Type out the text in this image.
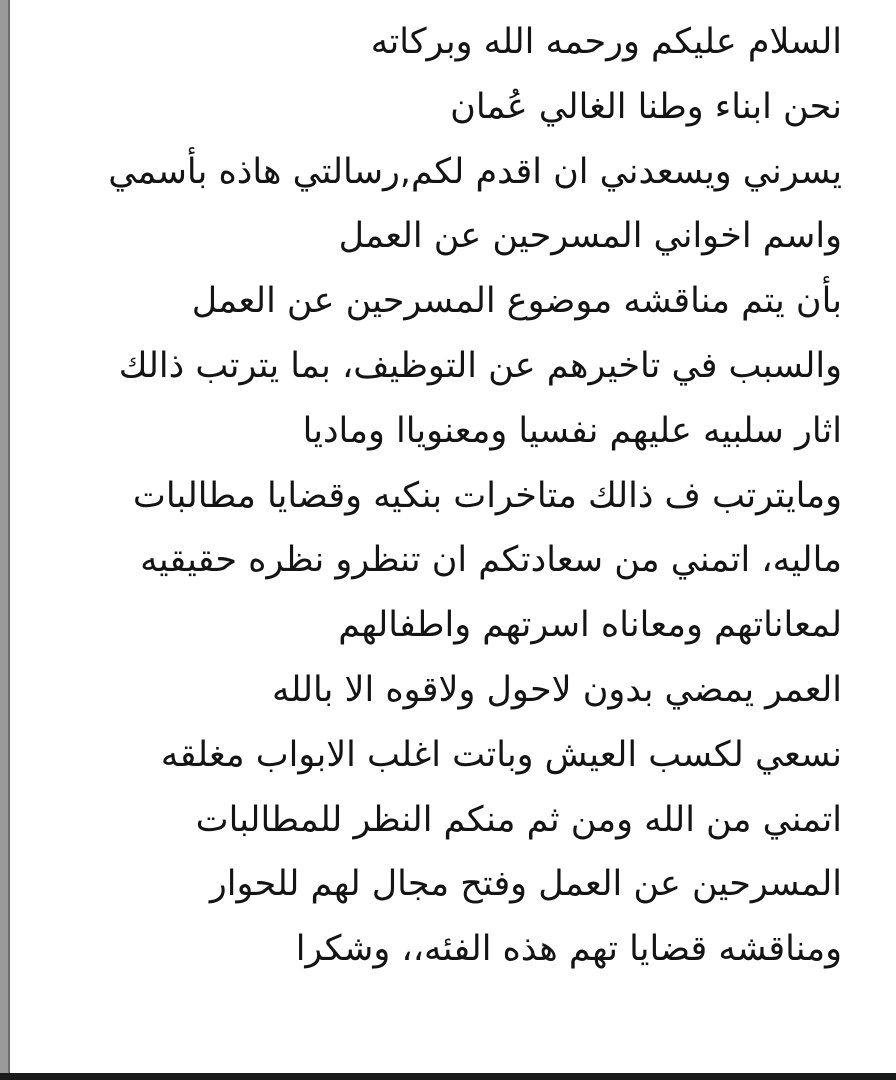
السلام عليكم ورحمه الله وبركاته
نحن ابناء وطنا الغالي عُمان
يسرني ويسعدني ان اقدم لكم,رسالتي هاذه بأسمي
واسم اخواني المسرحين عن العمل
بأن يتم مناقشه موضوع المسرحين عن العمل
والسبب في تاخيرهم عن التوظيف، بما يترتب ذالك
اثار سلبيه عليهم نفسيا ومعنوياا وماديا
ومايترتب ف ذالك متاخرات بنكيه وقضايا مطالبات
ماليه، اتمني من سعادتكم ان تنظرو نظره حقيقيه
لمعاناتهم ومعاناه اسرتهم واطفالهم
العمر يمضي بدون لاحول ولاقوه الا بالله
نسعي لكسب العيش وباتت اغلب الابواب مغلقه
اتمني من الله ومن ثم منكم النظر للمطالبات
المسرحين عن العمل وفتح مجال لهم للحوار
ومناقشه قضايا تهم هذه الفئه،، وشكرا
